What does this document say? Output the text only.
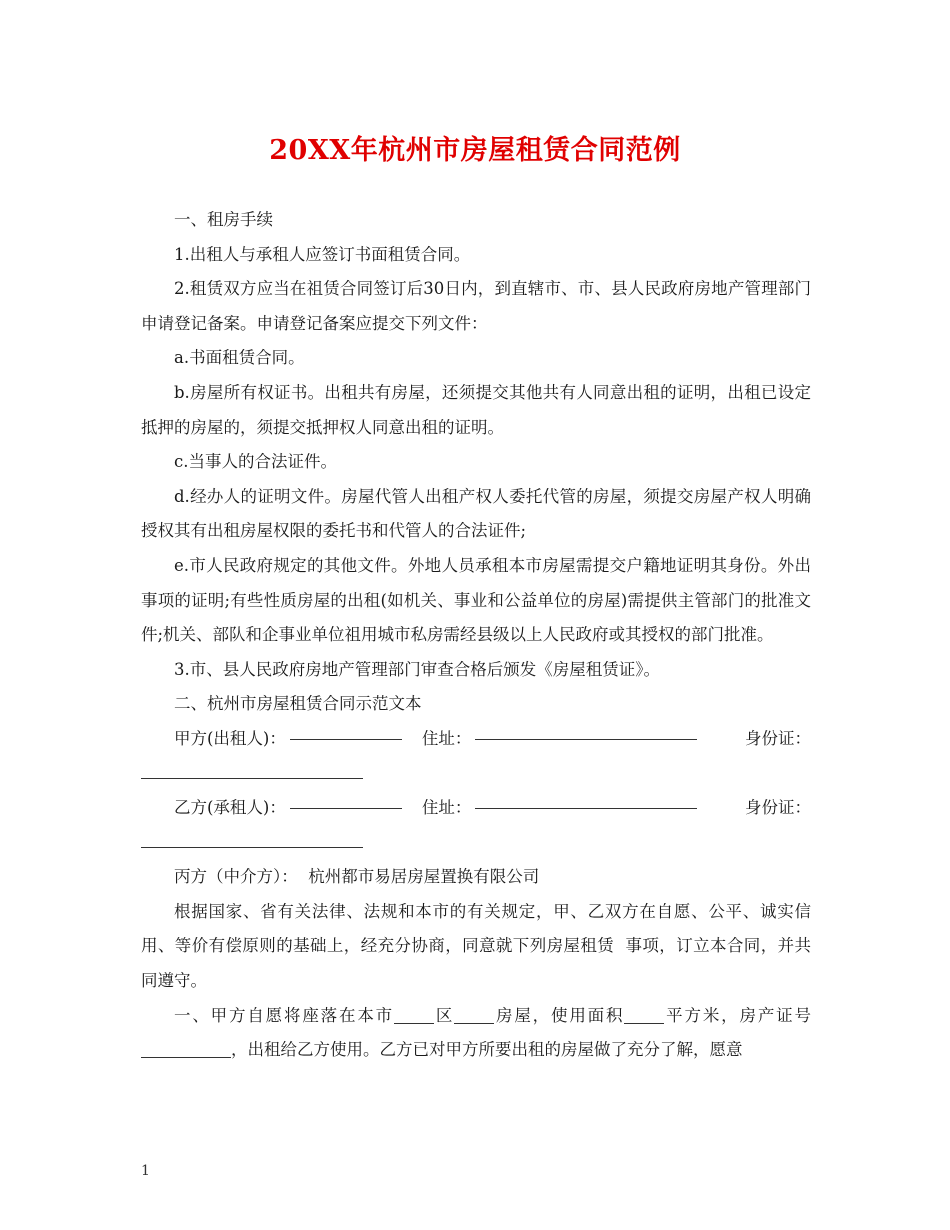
20XX年杭州市房屋租赁合同范例

一、租房手续

1.出租人与承租人应签订书面租赁合同。

2.租赁双方应当在祖赁合同签订后30日内，到直辖市、市、县人民政府房地产管理部门申请登记备案。申请登记备案应提交下列文件：

a.书面租赁合同。

b.房屋所有权证书。出租共有房屋，还须提交其他共有人同意出租的证明，出租已设定抵押的房屋的，须提交抵押权人同意出租的证明。

c.当事人的合法证件。

d.经办人的证明文件。房屋代管人出租产权人委托代管的房屋，须提交房屋产权人明确授权其有出租房屋权限的委托书和代管人的合法证件;

e.市人民政府规定的其他文件。外地人员承租本市房屋需提交户籍地证明其身份。外出事项的证明;有些性质房屋的出租(如机关、事业和公益单位的房屋)需提供主管部门的批准文件;机关、部队和企事业单位祖用城市私房需经县级以上人民政府或其授权的部门批准。

3.市、县人民政府房地产管理部门审查合格后颁发《房屋租赁证》。

二、杭州市房屋租赁合同示范文本

甲方(出租人)：	住址：	身份证：
乙方(承租人)：	住址：	身份证：

丙方（中介方）：  杭州都市易居房屋置换有限公司

根据国家、省有关法律、法规和本市的有关规定，甲、乙双方在自愿、公平、诚实信用、等价有偿原则的基础上，经充分协商，同意就下列房屋租赁  事项，订立本合同，并共同遵守。

一、甲方自愿将座落在本市 区 房屋，使用面积 平方米，房产证号，出租给乙方使用。乙方已对甲方所要出租的房屋做了充分了解，愿意

1
